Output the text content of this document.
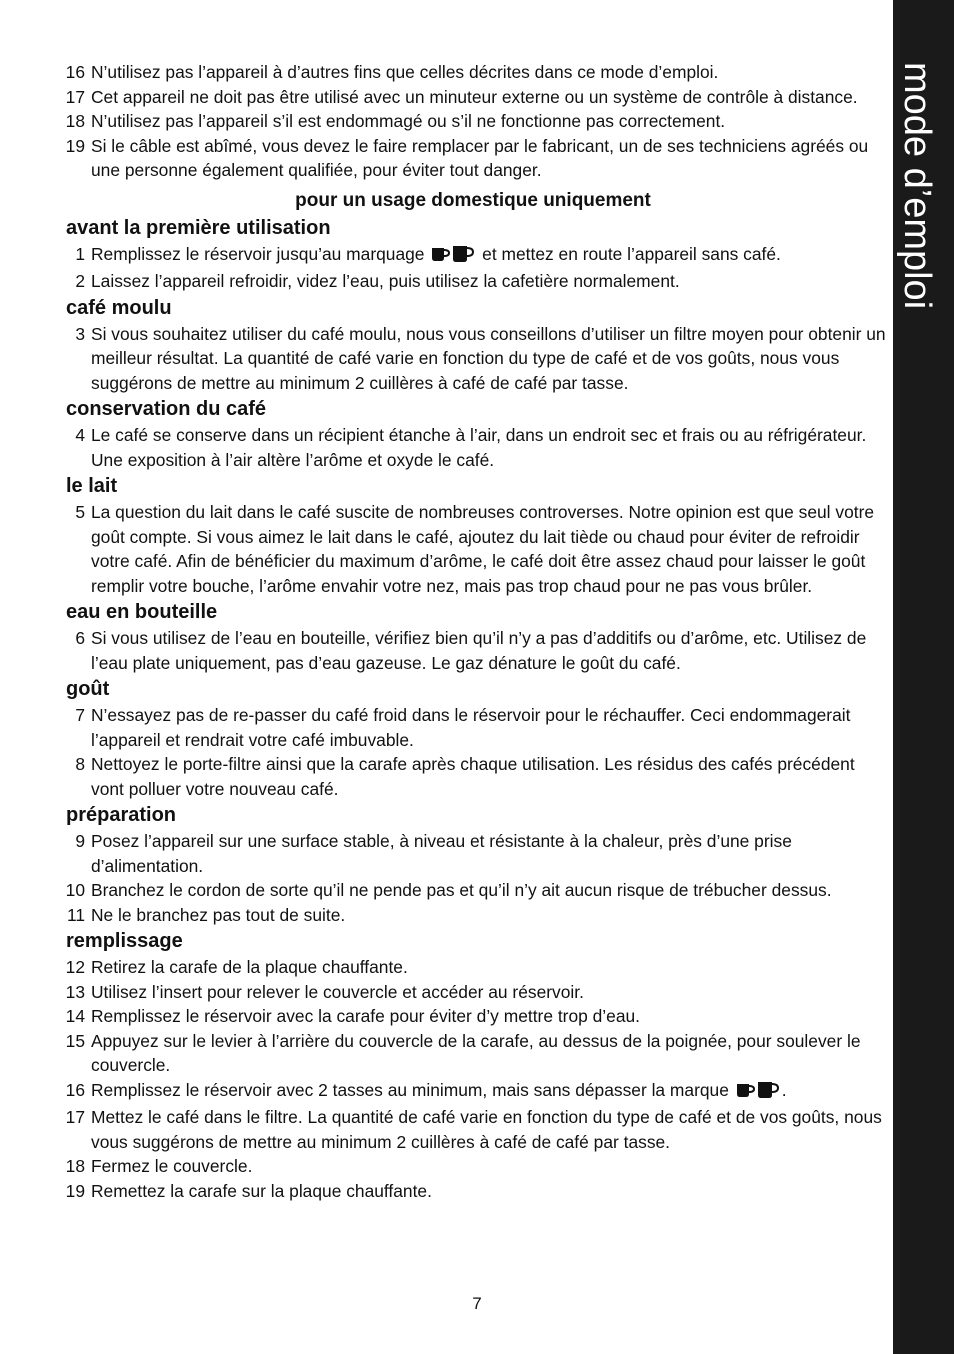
mode d’emploi
16 N’utilisez pas l’appareil à d’autres fins que celles décrites dans ce mode d’emploi.
17 Cet appareil ne doit pas être utilisé avec un minuteur externe ou un système de contrôle à distance.
18 N’utilisez pas l’appareil s’il est endommagé ou s’il ne fonctionne pas correctement.
19 Si le câble est abîmé, vous devez le faire remplacer par le fabricant, un de ses techniciens agréés ou une personne également qualifiée, pour éviter tout danger.
pour un usage domestique uniquement
avant la première utilisation
1 Remplissez le réservoir jusqu’au marquage	et mettez en route l’appareil sans café.
2 Laissez l’appareil refroidir, videz l’eau, puis utilisez la cafetière normalement.
café moulu
3 Si vous souhaitez utiliser du café moulu, nous vous conseillons d’utiliser un filtre moyen pour obtenir un meilleur résultat. La quantité de café varie en fonction du type de café et de vos goûts, nous vous suggérons de mettre au minimum 2 cuillères à café de café par tasse.
conservation du café
4 Le café se conserve dans un récipient étanche à l’air, dans un endroit sec et frais ou au réfrigérateur. Une exposition à l’air altère l’arôme et oxyde le café.
le lait
5 La question du lait dans le café suscite de nombreuses controverses. Notre opinion est que seul votre goût compte. Si vous aimez le lait dans le café, ajoutez du lait tiède ou chaud pour éviter de refroidir votre café. Afin de bénéficier du maximum d’arôme, le café doit être assez chaud pour laisser le goût remplir votre bouche, l’arôme envahir votre nez, mais pas trop chaud pour ne pas vous brûler.
eau en bouteille
6 Si vous utilisez de l’eau en bouteille, vérifiez bien qu’il n’y a pas d’additifs ou d’arôme, etc. Utilisez de l’eau plate uniquement, pas d’eau gazeuse. Le gaz dénature le goût du café.
goût
7 N’essayez pas de re-passer du café froid dans le réservoir pour le réchauffer. Ceci endommagerait l’appareil et rendrait votre café imbuvable.
8 Nettoyez le porte-filtre ainsi que la carafe après chaque utilisation. Les résidus des cafés précédent vont polluer votre nouveau café.
préparation
9 Posez l’appareil sur une surface stable, à niveau et résistante à la chaleur, près d’une prise d’alimentation.
10 Branchez le cordon de sorte qu’il ne pende pas et qu’il n’y ait aucun risque de trébucher dessus.
11 Ne le branchez pas tout de suite.
remplissage
12 Retirez la carafe de la plaque chauffante.
13 Utilisez l’insert pour relever le couvercle et accéder au réservoir.
14 Remplissez le réservoir avec la carafe pour éviter d’y mettre trop d’eau.
15 Appuyez sur le levier à l’arrière du couvercle de la carafe, au dessus de la poignée, pour soulever le couvercle.
16 Remplissez le réservoir avec 2 tasses au minimum, mais sans dépasser la marque	.
17 Mettez le café dans le filtre. La quantité de café varie en fonction du type de café et de vos goûts, nous vous suggérons de mettre au minimum 2 cuillères à café de café par tasse.
18 Fermez le couvercle.
19 Remettez la carafe sur la plaque chauffante.
7
